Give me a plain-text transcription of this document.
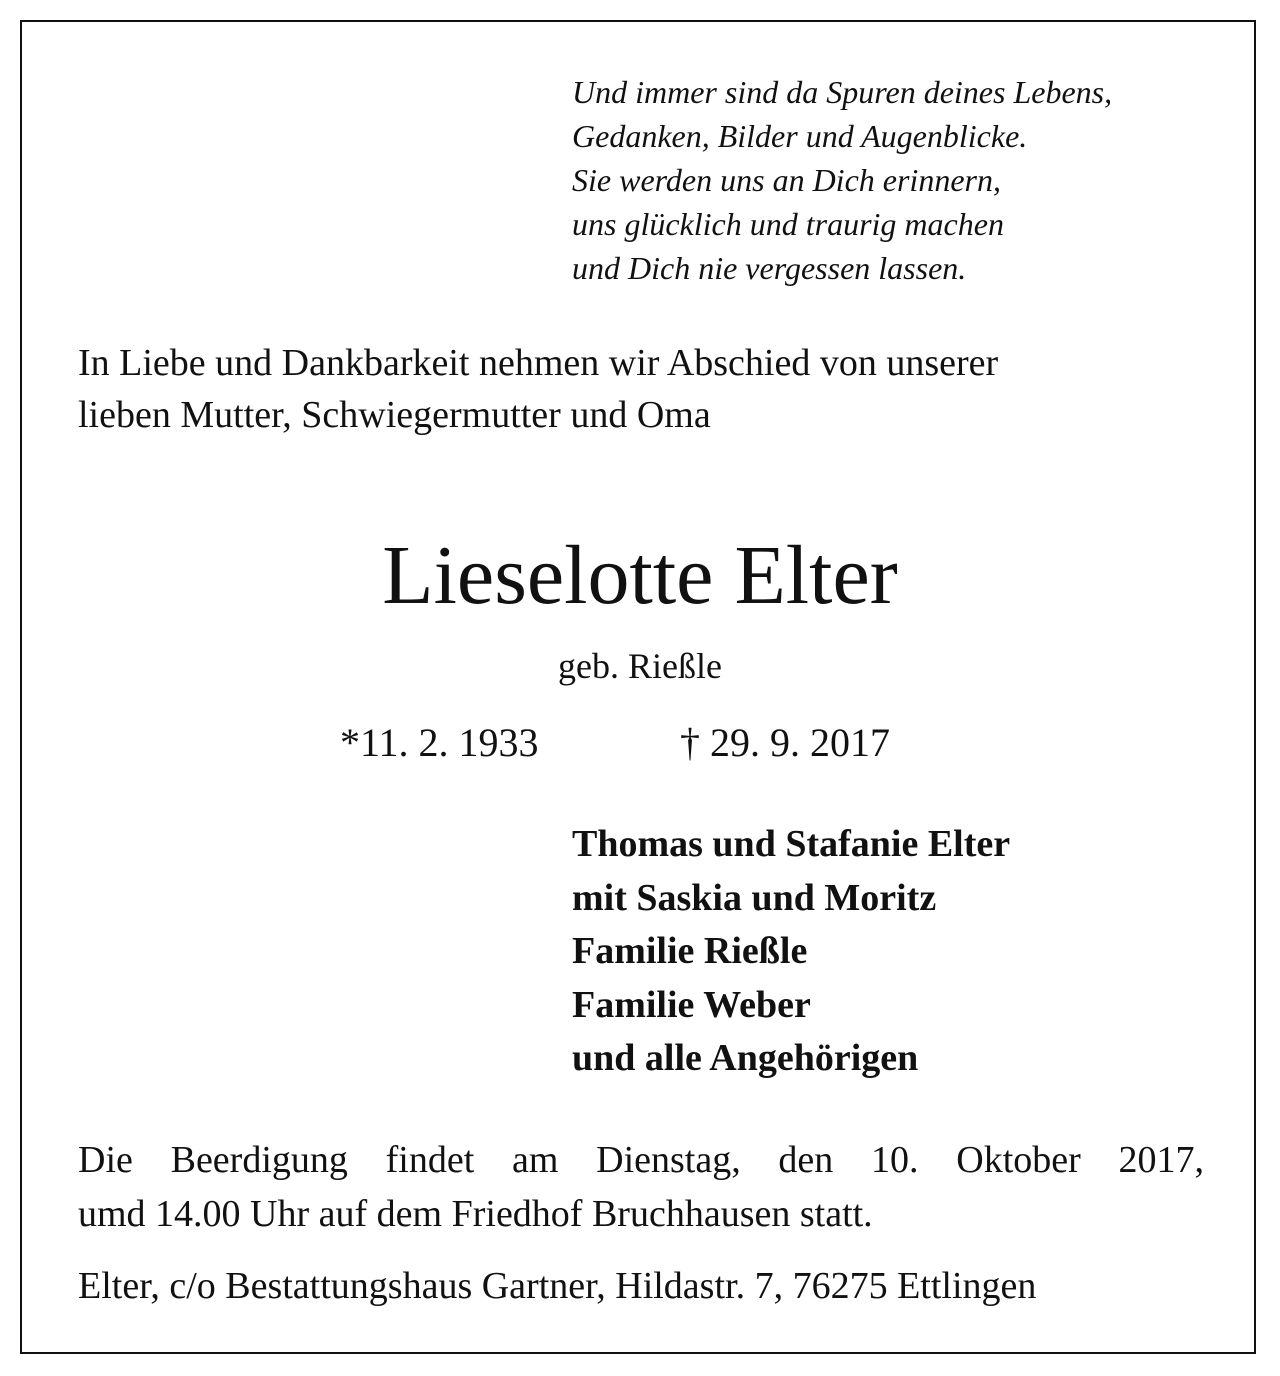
Und immer sind da Spuren deines Lebens,
Gedanken, Bilder und Augenblicke.
Sie werden uns an Dich erinnern,
uns glücklich und traurig machen
und Dich nie vergessen lassen.
In Liebe und Dankbarkeit nehmen wir Abschied von unserer
lieben Mutter, Schwiegermutter und Oma
Lieselotte Elter
geb. Rießle
*11. 2. 1933	† 29. 9. 2017
Thomas und Stafanie Elter
mit Saskia und Moritz
Familie Rießle
Familie Weber
und alle Angehörigen
Die Beerdigung findet am Dienstag, den 10. Oktober 2017,
umd 14.00 Uhr auf dem Friedhof Bruchhausen statt.
Elter, c/o Bestattungshaus Gartner, Hildastr. 7, 76275 Ettlingen
